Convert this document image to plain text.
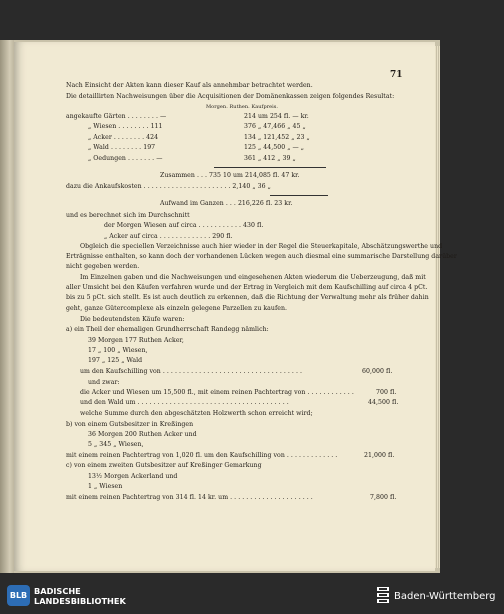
71
Nach Einsicht der Akten kann dieser Kauf als annehmbar betrachtet werden.
Die detaillirten Nachweisungen über die Acquisitionen der Domänenkassen zeigen folgendes Resultat:
Morgen. Ruthen. Kaufpreis.
angekaufte Gärten . . . . . . . . —	214 um 254 fl. — kr.
„ Wiesen . . . . . . . . 111	376 „ 47,466 „ 45 „
„ Acker . . . . . . . . 424	134 „ 121,452 „ 23 „
„ Wald . . . . . . . . 197	125 „ 44,500 „ — „
„ Oedungen . . . . . . . —	361 „ 412 „ 39 „
Zusammen . . . 735 10 um 214,085 fl. 47 kr.
dazu die Ankaufskosten . . . . . . . . . . . . . . . . . . . . . . 2,140 „ 36 „
Aufwand im Ganzen . . . 216,226 fl. 23 kr.
und es berechnet sich im Durchschnitt
der Morgen Wiesen auf circa . . . . . . . . . . . 430 fl.
„ Acker auf circa . . . . . . . . . . . . . 290 fl.
Obgleich die speciellen Verzeichnisse auch hier wieder in der Regel die Steuerkapitale, Abschätzungswerthe und
Erträgnisse enthalten, so kann doch der vorhandenen Lücken wegen auch diesmal eine summarische Darstellung darüber
nicht gegeben werden.
Im Einzelnen gaben und die Nachweisungen und eingesehenen Akten wiederum die Ueberzeugung, daß mit
aller Umsicht bei den Käufen verfahren wurde und der Ertrag in Vergleich mit dem Kaufschilling auf circa 4 pCt.
bis zu 5 pCt. sich stellt. Es ist auch deutlich zu erkennen, daß die Richtung der Verwaltung mehr als früher dahin
geht, ganze Gütercomplexe als einzeln gelegene Parzellen zu kaufen.
Die bedeutendsten Käufe waren:
a) ein Theil der ehemaligen Grundherrschaft Randegg nämlich:
39 Morgen 177 Ruthen Acker,
17 „ 100 „ Wiesen,
197 „ 125 „ Wald
um den Kaufschilling von . . . . . . . . . . . . . . . . . . . . . . . . . . . . . . . . . . .	60,000 fl.
und zwar:
die Acker und Wiesen um 15,500 fl., mit einem reinen Pachtertrag von . . . . . . . . . . . .	700 fl.
und den Wald um . . . . . . . . . . . . . . . . . . . . . . . . . . . . . . . . . . . . . .	44,500 fl.
welche Summe durch den abgeschätzten Holzwerth schon erreicht wird;
b) von einem Gutsbesitzer in Kreßingen
36 Morgen 200 Ruthen Acker und
5 „ 345 „ Wiesen,
mit einem reinen Pachtertrag von 1,020 fl. um den Kaufschilling von . . . . . . . . . . . . .	21,000 fl.
c) von einem zweiten Gutsbesitzer auf Kreßinger Gemarkung
13½ Morgen Ackerland und
1 „ Wiesen
mit einem reinen Pachtertrag von 314 fl. 14 kr. um . . . . . . . . . . . . . . . . . . . . .	7,800 fl.
BLB BADISCHE
LANDESBIBLIOTHEK	Baden-Württemberg
